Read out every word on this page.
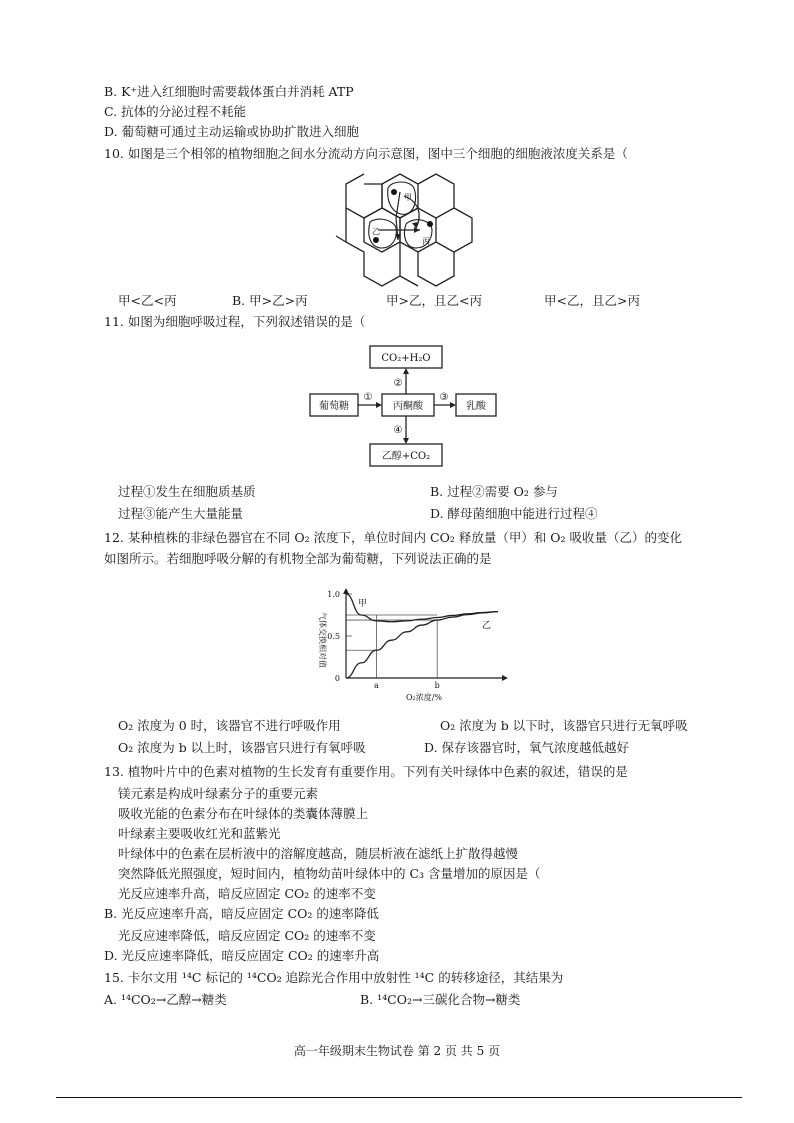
B. K⁺进入红细胞时需要载体蛋白并消耗 ATP
C. 抗体的分泌过程不耗能
D. 葡萄糖可通过主动运输或协助扩散进入细胞
10. 如图是三个相邻的植物细胞之间水分流动方向示意图，图中三个细胞的细胞液浓度关系是（
甲
乙
丙
甲<乙<丙	B. 甲>乙>丙	甲>乙，且乙<丙	甲<乙，且乙>丙
11. 如图为细胞呼吸过程，下列叙述错误的是（
CO₂+H₂O
葡萄糖	丙酮酸	乳酸
乙醇+CO₂
①
②
③
④
过程①发生在细胞质基质	B. 过程②需要 O₂ 参与
过程③能产生大量能量	D. 酵母菌细胞中能进行过程④
12. 某种植株的非绿色器官在不同 O₂ 浓度下，单位时间内 CO₂ 释放量（甲）和 O₂ 吸收量（乙）的变化
如图所示。若细胞呼吸分解的有机物全部为葡萄糖，下列说法正确的是
0
0.5
1.0
a	b
O₂浓度/%
气体交换相对值
甲
乙
O₂ 浓度为 0 时，该器官不进行呼吸作用	O₂ 浓度为 b 以下时，该器官只进行无氧呼吸
O₂ 浓度为 b 以上时，该器官只进行有氧呼吸	D. 保存该器官时，氧气浓度越低越好
13. 植物叶片中的色素对植物的生长发育有重要作用。下列有关叶绿体中色素的叙述，错误的是
镁元素是构成叶绿素分子的重要元素
吸收光能的色素分布在叶绿体的类囊体薄膜上
叶绿素主要吸收红光和蓝紫光
叶绿体中的色素在层析液中的溶解度越高，随层析液在滤纸上扩散得越慢
突然降低光照强度，短时间内，植物幼苗叶绿体中的 C₃ 含量增加的原因是（
光反应速率升高，暗反应固定 CO₂ 的速率不变
B. 光反应速率升高，暗反应固定 CO₂ 的速率降低
光反应速率降低，暗反应固定 CO₂ 的速率不变
D. 光反应速率降低，暗反应固定 CO₂ 的速率升高
15. 卡尔文用 ¹⁴C 标记的 ¹⁴CO₂ 追踪光合作用中放射性 ¹⁴C 的转移途径，其结果为
A. ¹⁴CO₂→乙醇→糖类	B. ¹⁴CO₂→三碳化合物→糖类
高一年级期末生物试卷 第 2 页 共 5 页
